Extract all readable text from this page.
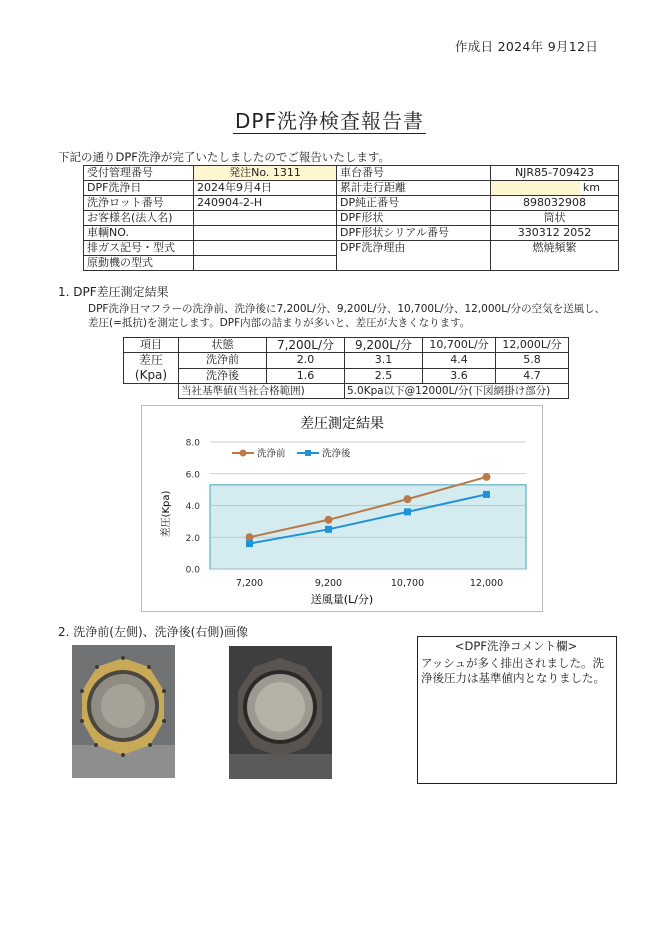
作成日 2024年 9月12日
DPF洗浄検査報告書
下記の通りDPF洗浄が完了いたしましたのでご報告いたします。
受付管理番号	発注No. 1311	車台番号	NJR85-709423
DPF洗浄日	2024年9月4日	累計走行距離	km
洗浄ロット番号	240904-2-H	DP純正番号	898032908
お客様名(法人名)		DPF形状	筒状
車輌NO.		DPF形状シリアル番号	330312 2052
排ガス記号・型式		DPF洗浄理由	燃焼頻繁
原動機の型式			
1. DPF差圧測定結果
DPF洗浄日マフラーの洗浄前、洗浄後に7,200L/分、9,200L/分、10,700L/分、12,000L/分の空気を送風し、差圧(=抵抗)を測定します。DPF内部の詰まりが多いと、差圧が大きくなります。
項目	状態	7,200L/分	9,200L/分	10,700L/分	12,000L/分
差圧
(Kpa)	洗浄前	2.0	3.1	4.4	5.8
	洗浄後	1.6	2.5	3.6	4.7
	当社基準値(当社合格範囲)		5.0Kpa以下@12000L/分(下図網掛け部分)		
差圧測定結果
0.0
2.0
4.0
6.0
8.0
7,200	9,200	10,700	12,000
洗浄前	洗浄後
送風量(L/分)
差圧(Kpa)
2. 洗浄前(左側)、洗浄後(右側)画像
<DPF洗浄コメント欄>
アッシュが多く排出されました。洗浄後圧力は基準値内となりました。
